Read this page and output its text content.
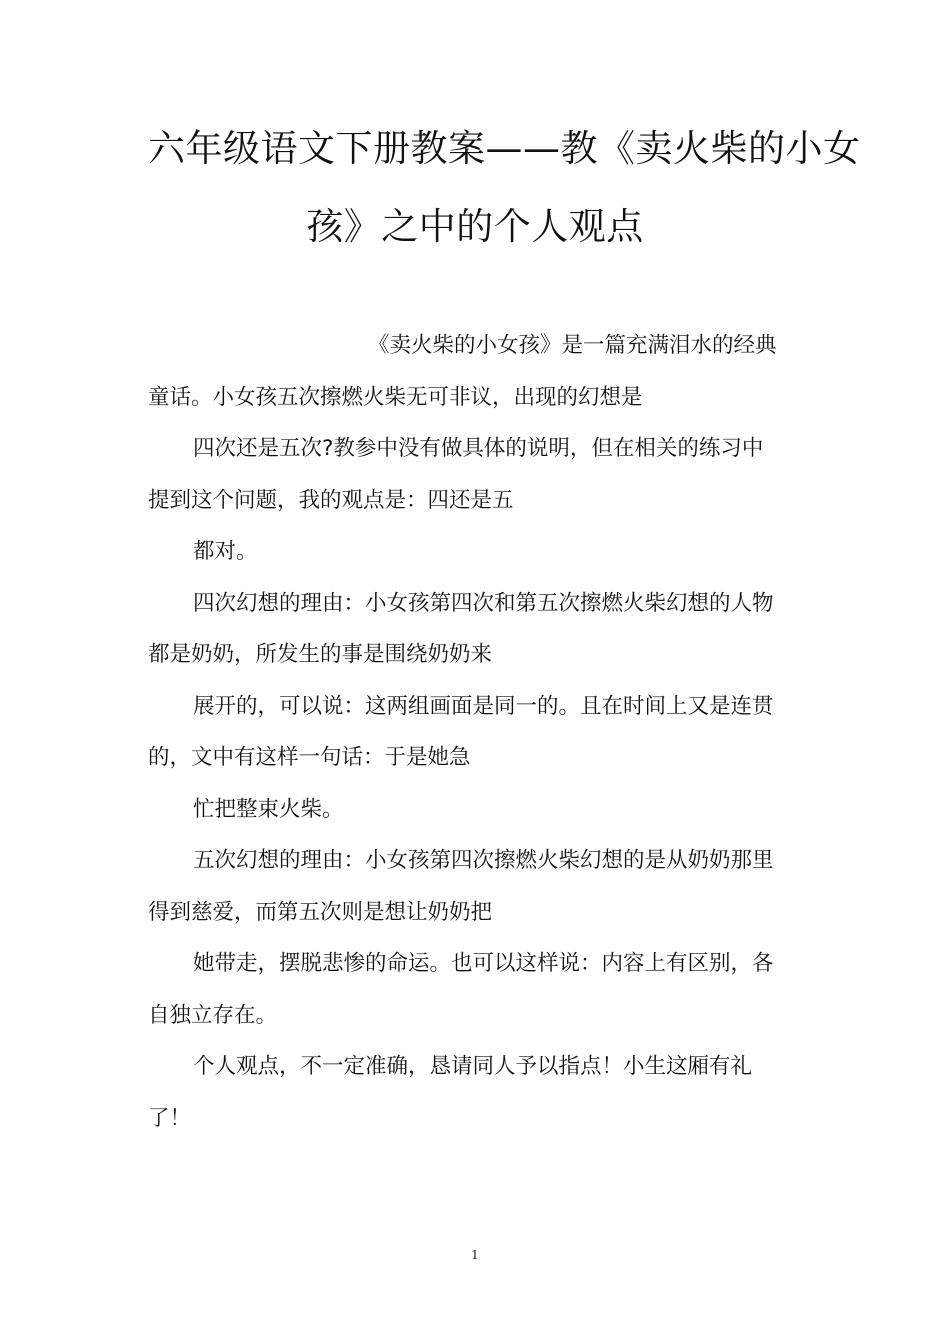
六年级语文下册教案——教《卖火柴的小女
孩》之中的个人观点
《卖火柴的小女孩》是一篇充满泪水的经典
童话。小女孩五次擦燃火柴无可非议，出现的幻想是
四次还是五次?教参中没有做具体的说明，但在相关的练习中
提到这个问题，我的观点是：四还是五
都对。
四次幻想的理由：小女孩第四次和第五次擦燃火柴幻想的人物
都是奶奶，所发生的事是围绕奶奶来
展开的，可以说：这两组画面是同一的。且在时间上又是连贯
的，文中有这样一句话：于是她急
忙把整束火柴。
五次幻想的理由：小女孩第四次擦燃火柴幻想的是从奶奶那里
得到慈爱，而第五次则是想让奶奶把
她带走，摆脱悲惨的命运。也可以这样说：内容上有区别，各
自独立存在。
个人观点，不一定准确，恳请同人予以指点！小生这厢有礼
了！
1
